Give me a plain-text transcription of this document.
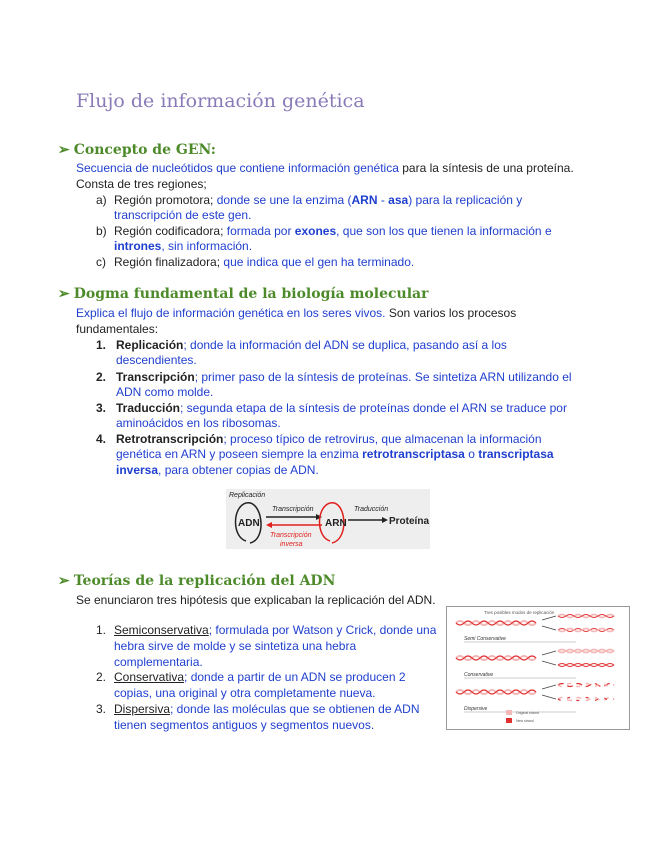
Flujo de información genética
➢ Concepto de GEN:
Secuencia de nucleótidos que contiene información genética para la síntesis de una proteína.
Consta de tres regiones;
a) Región promotora; donde se une la enzima (ARN - asa) para la replicación y
transcripción de este gen.
b) Región codificadora; formada por exones, que son los que tienen la información e
intrones, sin información.
c) Región finalizadora; que indica que el gen ha terminado.
➢ Dogma fundamental de la biología molecular
Explica el flujo de información genética en los seres vivos. Son varios los procesos
fundamentales:
1. Replicación; donde la información del ADN se duplica, pasando así a los
descendientes.
2. Transcripción; primer paso de la síntesis de proteínas. Se sintetiza ARN utilizando el
ADN como molde.
3. Traducción; segunda etapa de la síntesis de proteínas donde el ARN se traduce por
aminoácidos en los ribosomas.
4. Retrotranscripción; proceso típico de retrovirus, que almacenan la información
genética en ARN y poseen siempre la enzima retrotranscriptasa o transcriptasa
inversa, para obtener copias de ADN.
Replicación
ADN
Transcripción
Transcripción
inversa
ARN
Traducción
Proteína
➢ Teorías de la replicación del ADN
Se enunciaron tres hipótesis que explicaban la replicación del ADN.
1. Semiconservativa; formulada por Watson y Crick, donde una
hebra sirve de molde y se sintetiza una hebra
complementaria.
2. Conservativa; donde a partir de un ADN se producen 2
copias, una original y otra completamente nueva.
3. Dispersiva; donde las moléculas que se obtienen de ADN
tienen segmentos antiguos y segmentos nuevos.
Tres posibles modos de replicación
Semi Conservative
Conservative
Dispersive
Original strand
New strand
